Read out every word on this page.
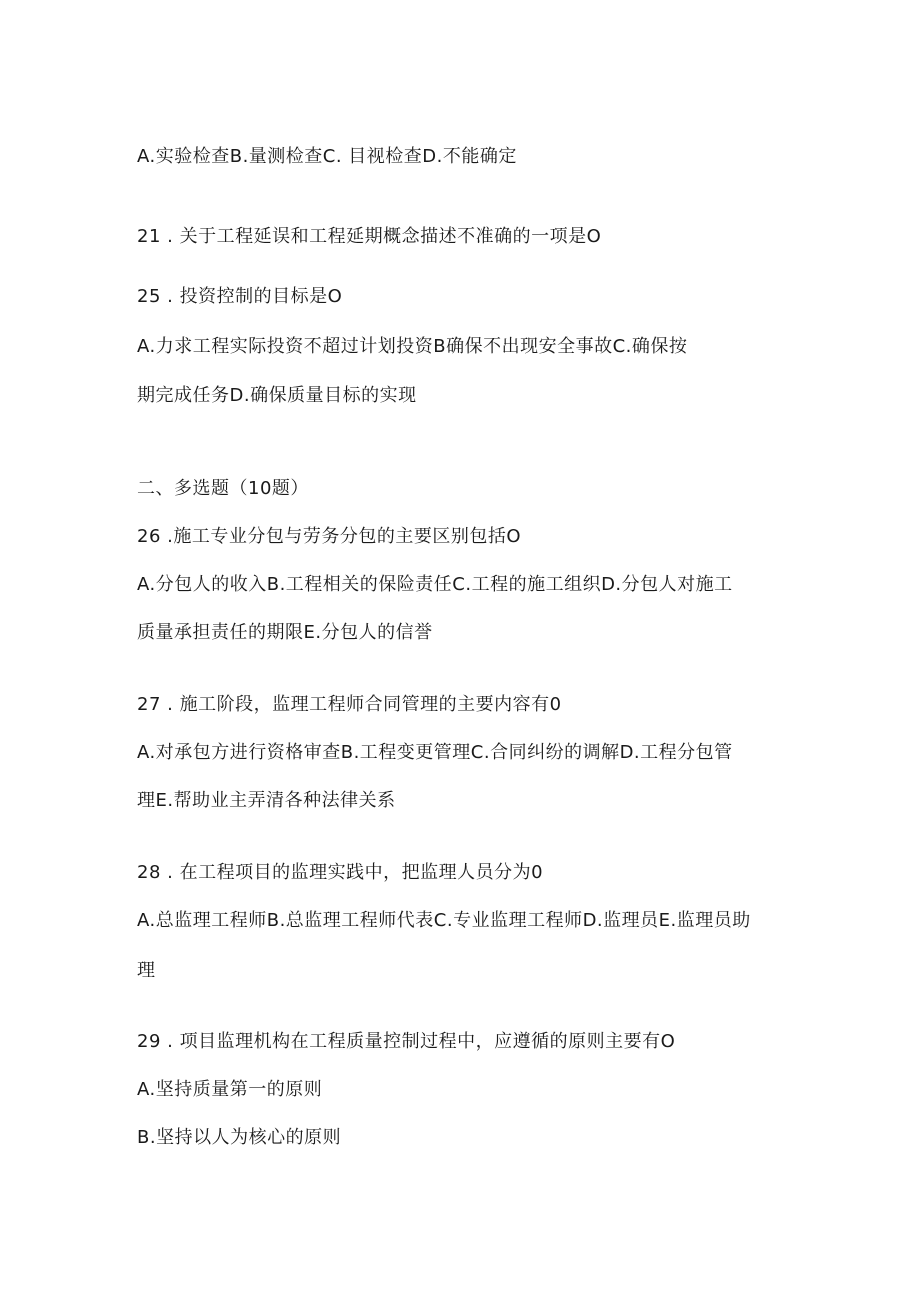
A.实验检查B.量测检查C. 目视检查D.不能确定
21 . 关于工程延误和工程延期概念描述不准确的一项是O
25 . 投资控制的目标是O
A.力求工程实际投资不超过计划投资B确保不出现安全事故C.确保按
期完成任务D.确保质量目标的实现
二、多选题（10题）
26 .施工专业分包与劳务分包的主要区别包括O
A.分包人的收入B.工程相关的保险责任C.工程的施工组织D.分包人对施工
质量承担责任的期限E.分包人的信誉
27 . 施工阶段，监理工程师合同管理的主要内容有0
A.对承包方进行资格审查B.工程变更管理C.合同纠纷的调解D.工程分包管
理E.帮助业主弄清各种法律关系
28 . 在工程项目的监理实践中，把监理人员分为0
A.总监理工程师B.总监理工程师代表C.专业监理工程师D.监理员E.监理员助
理
29 . 项目监理机构在工程质量控制过程中，应遵循的原则主要有O
A.坚持质量第一的原则
B.坚持以人为核心的原则
